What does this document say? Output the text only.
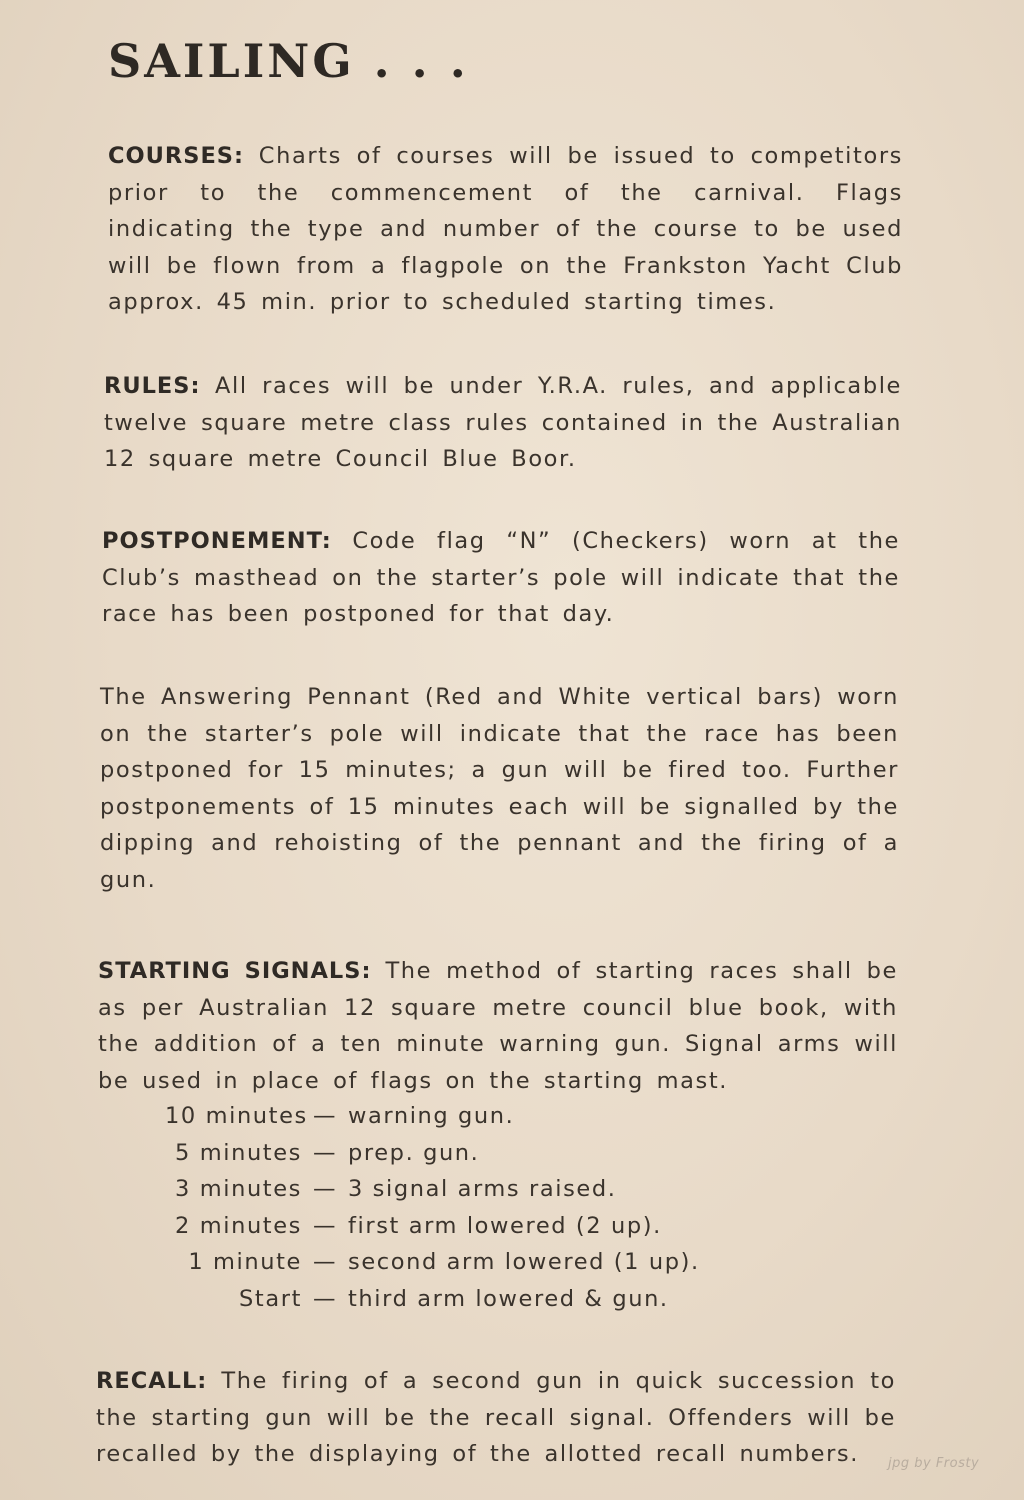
SAILING . . .

COURSES: Charts of courses will be issued to competitors prior to the commencement of the carnival. Flags indicating the type and number of the course to be used will be flown from a flagpole on the Frankston Yacht Club approx. 45 min. prior to scheduled starting times.

RULES: All races will be under Y.R.A. rules, and applicable twelve square metre class rules contained in the Australian 12 square metre Council Blue Boor.

POSTPONEMENT: Code flag “N” (Checkers) worn at the Club’s masthead on the starter’s pole will indicate that the race has been postponed for that day.

The Answering Pennant (Red and White vertical bars) worn on the starter’s pole will indicate that the race has been postponed for 15 minutes; a gun will be fired too. Further postponements of 15 minutes each will be signalled by the dipping and rehoisting of the pennant and the firing of a gun.

STARTING SIGNALS: The method of starting races shall be as per Australian 12 square metre council blue book, with the addition of a ten minute warning gun. Signal arms will be used in place of flags on the starting mast.

10 minutes — warning gun.
5 minutes — prep. gun.
3 minutes — 3 signal arms raised.
2 minutes — first arm lowered (2 up).
1 minute — second arm lowered (1 up).
Start — third arm lowered & gun.

RECALL: The firing of a second gun in quick succession to the starting gun will be the recall signal. Offenders will be recalled by the displaying of the allotted recall numbers.	jpg by Frosty
